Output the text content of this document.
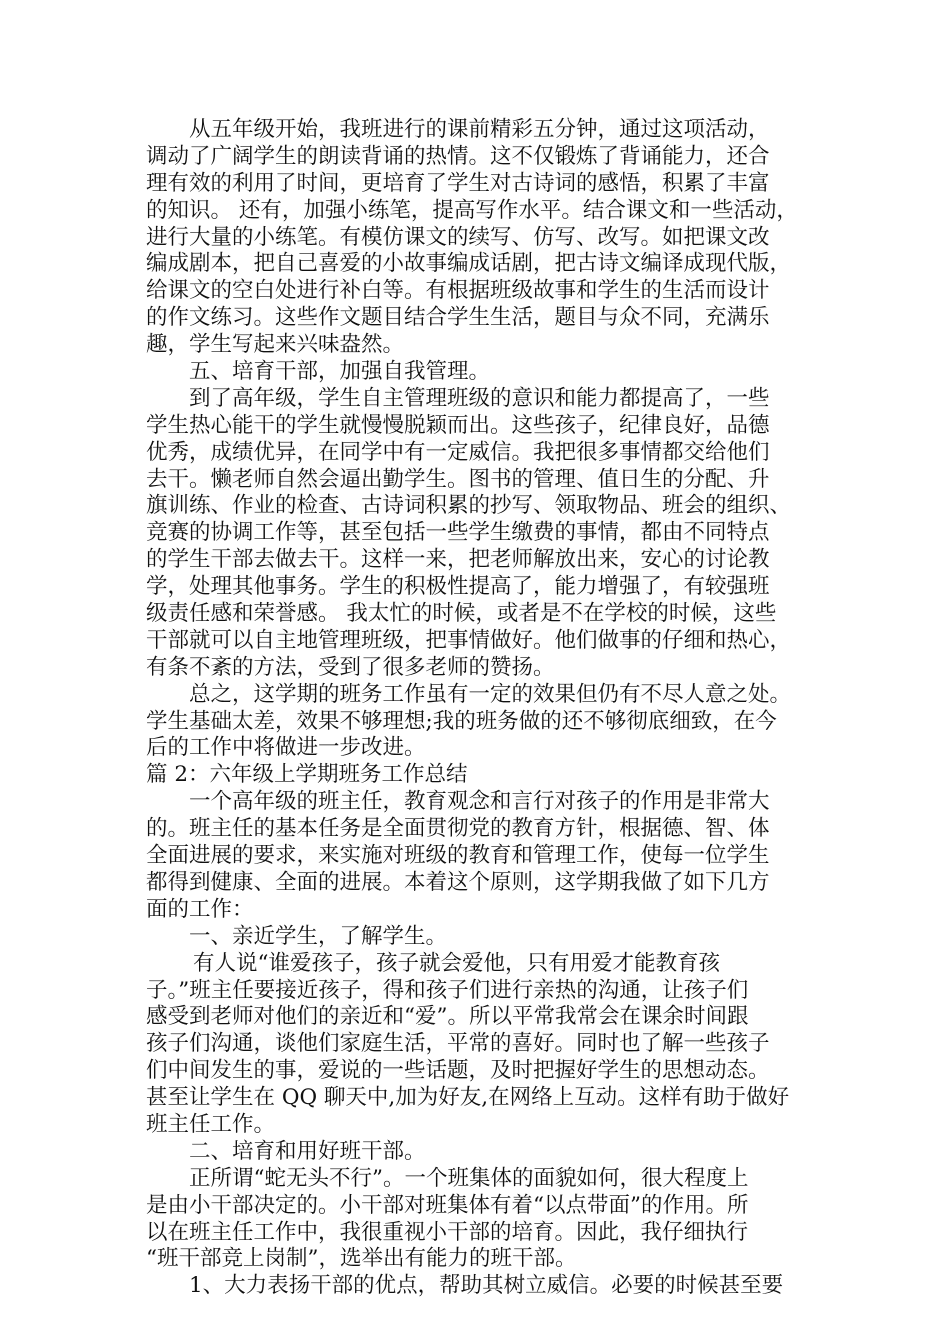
从五年级开始，我班进行的课前精彩五分钟，通过这项活动，
调动了广阔学生的朗读背诵的热情。这不仅锻炼了背诵能力，还合
理有效的利用了时间，更培育了学生对古诗词的感悟，积累了丰富
的知识。 还有，加强小练笔，提高写作水平。结合课文和一些活动，
进行大量的小练笔。有模仿课文的续写、仿写、改写。如把课文改
编成剧本，把自己喜爱的小故事编成话剧，把古诗文编译成现代版，
给课文的空白处进行补白等。有根据班级故事和学生的生活而设计
的作文练习。这些作文题目结合学生生活，题目与众不同，充满乐
趣，学生写起来兴味盎然。
五、培育干部，加强自我管理。
到了高年级，学生自主管理班级的意识和能力都提高了，一些
学生热心能干的学生就慢慢脱颖而出。这些孩子，纪律良好，品德
优秀，成绩优异，在同学中有一定威信。我把很多事情都交给他们
去干。懒老师自然会逼出勤学生。图书的管理、值日生的分配、升
旗训练、作业的检查、古诗词积累的抄写、领取物品、班会的组织、
竞赛的协调工作等，甚至包括一些学生缴费的事情，都由不同特点
的学生干部去做去干。这样一来，把老师解放出来，安心的讨论教
学，处理其他事务。学生的积极性提高了，能力增强了，有较强班
级责任感和荣誉感。 我太忙的时候，或者是不在学校的时候，这些
干部就可以自主地管理班级，把事情做好。他们做事的仔细和热心，
有条不紊的方法，受到了很多老师的赞扬。
总之，这学期的班务工作虽有一定的效果但仍有不尽人意之处。
学生基础太差，效果不够理想;我的班务做的还不够彻底细致，在今
后的工作中将做进一步改进。
篇 2：六年级上学期班务工作总结
一个高年级的班主任，教育观念和言行对孩子的作用是非常大
的。班主任的基本任务是全面贯彻党的教育方针，根据德、智、体
全面进展的要求，来实施对班级的教育和管理工作，使每一位学生
都得到健康、全面的进展。本着这个原则，这学期我做了如下几方
面的工作：
一、亲近学生，了解学生。
有人说“谁爱孩子，孩子就会爱他，只有用爱才能教育孩
子。”班主任要接近孩子，得和孩子们进行亲热的沟通，让孩子们
感受到老师对他们的亲近和“爱”。所以平常我常会在课余时间跟
孩子们沟通，谈他们家庭生活，平常的喜好。同时也了解一些孩子
们中间发生的事，爱说的一些话题，及时把握好学生的思想动态。
甚至让学生在 QQ 聊天中,加为好友,在网络上互动。这样有助于做好
班主任工作。
二、培育和用好班干部。
正所谓“蛇无头不行”。一个班集体的面貌如何，很大程度上
是由小干部决定的。小干部对班集体有着“以点带面”的作用。所
以在班主任工作中，我很重视小干部的培育。因此，我仔细执行
“班干部竞上岗制”，选举出有能力的班干部。
1、大力表扬干部的优点，帮助其树立威信。必要的时候甚至要
